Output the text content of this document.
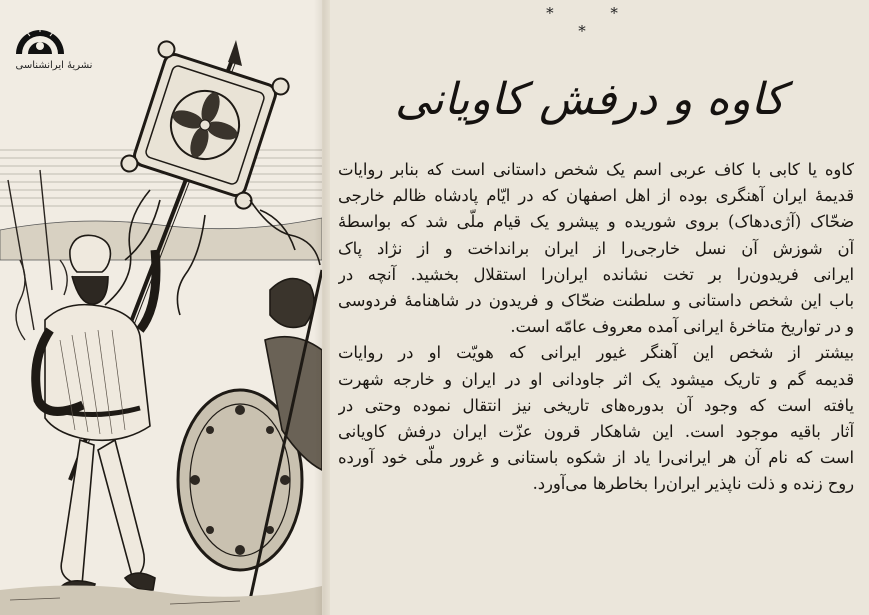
نشریهٔ ایرانشناسی
* * *
کاوه و درفش کاویانی
کاوه یا کابی با کاف عربی اسم یک شخص داستانی است که بنابر روایات
قدیمهٔ ایران آهنگری بوده از اهل اصفهان که در ایّام پادشاه ظالم خارجی
ضحّاک (آژی‌دهاک) بروی شوریده و پیشرو یک قیام ملّی شد که بواسطهٔ
آن شوزش آن نسل خارجی‌را از ایران برانداخت و از نژاد پاک
ایرانی فریدون‌را بر تخت نشانده ایران‌را استقلال بخشید. آنچه در
باب این شخص داستانی و سلطنت ضحّاک و فریدون در شاهنامهٔ فردوسی
و در تواریخ متاخرهٔ ایرانی آمده معروف عامّه است.
بیشتر از شخص این آهنگر غیور ایرانی که هویّت او در روایات
قدیمه گم و تاریک میشود یک اثر جاودانی او در ایران و خارجه شهرت
یافته است که وجود آن بدوره‌های تاریخی نیز انتقال نموده وحتی در
آثار باقیه موجود است. این شاهکار قرون عزّت ایران درفش کاویانی
است که نام آن هر ایرانی‌را یاد از شکوه باستانی و غرور ملّی خود آورده
روح زنده و ذلت ناپذیر ایران‌را بخاطرها می‌آورد.
